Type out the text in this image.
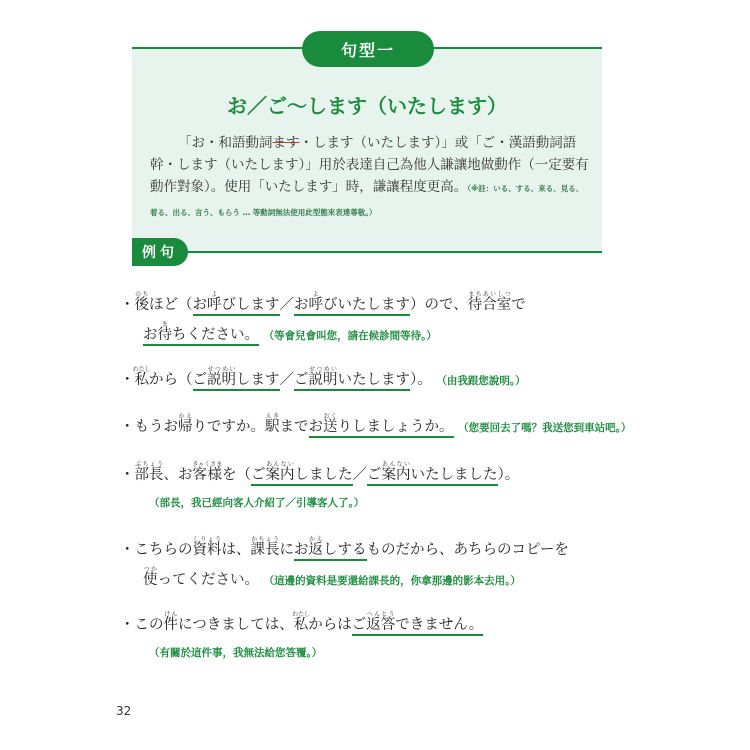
句型一
お／ご～します（いたします）
「お・和語動詞ます・します（いたします）」或「ご・漢語動詞語幹・します（いたします）」用於表達自己為他人謙讓地做動作（一定要有動作對象）。使用「いたします」時，謙讓程度更高。（※註：いる、する、来る、見る、着る、出る、言う、もらう … 等動詞無法使用此型態來表達尊敬。）
例句
・後のちほど（お呼よびします／お呼よびいたします）ので、待合室まちあいしつで
お待まちください。 （等會兒會叫您，請在候診間等待。）
・私わたしから（ご説明せつめいします／ご説明せつめいいたします）。 （由我跟您說明。）
・もうお帰かえりですか。駅えきまでお送おくりしましょうか。 （您要回去了嗎？我送您到車站吧。）
・部長ぶちょう、お客様きゃくさまを（ご案内あんないしました／ご案内あんないいたしました）。
（部長，我已經向客人介紹了／引導客人了。）
・こちらの資料しりょうは、課長かちょうにお返かえしするものだから、あちらのコピーを
使つかってください。 （這邊的資料是要還給課長的，你拿那邊的影本去用。）
・この件けんにつきましては、私わたしからはご返答へんとうできません。
（有關於這件事，我無法給您答覆。）
32
